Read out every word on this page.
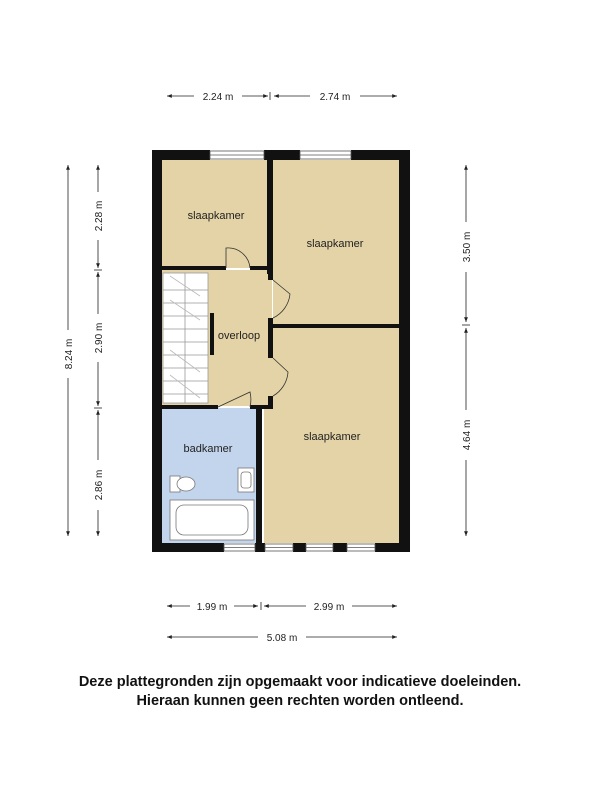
slaapkamer
slaapkamer
overloop
slaapkamer
badkamer
2.24 m	2.74 m
8.24 m
2.28 m
2.90 m
2.86 m
3.50 m
4.64 m
1.99 m	2.99 m
5.08 m
Deze plattegronden zijn opgemaakt voor indicatieve doeleinden.
Hieraan kunnen geen rechten worden ontleend.
